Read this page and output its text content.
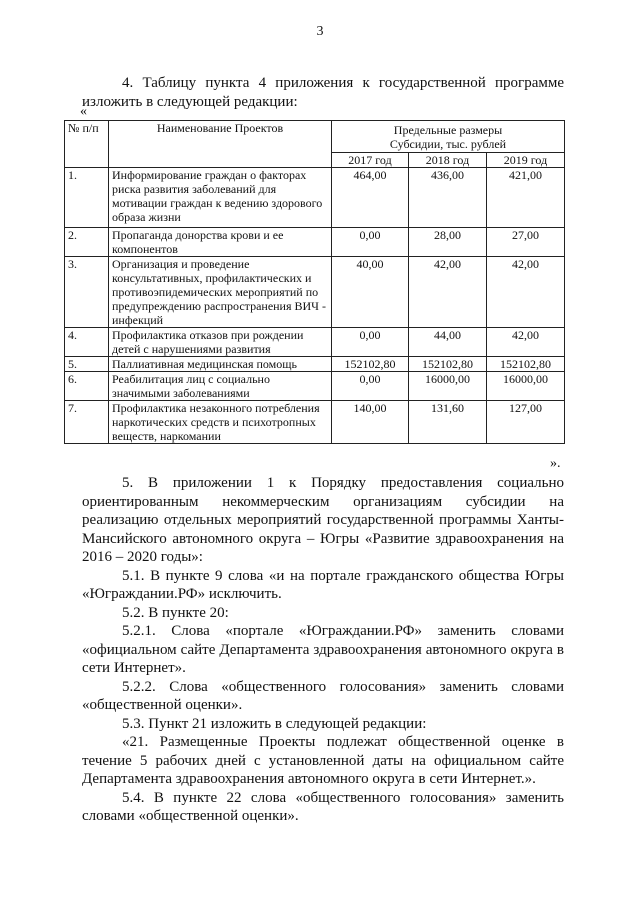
3
4. Таблицу пункта 4 приложения к государственной программе изложить в следующей редакции:
«
№ п/п	Наименование Проектов	Предельные размеры Субсидии, тыс. рублей		
		2017 год	2018 год	2019 год
1.	Информирование граждан о факторах риска развития заболеваний для мотивации граждан к ведению здорового образа жизни	464,00	436,00	421,00
2.	Пропаганда донорства крови и ее компонентов	0,00	28,00	27,00
3.	Организация и проведение консультативных, профилактических и противоэпидемических мероприятий по предупреждению распространения ВИЧ - инфекций	40,00	42,00	42,00
4.	Профилактика отказов при рождении детей с нарушениями развития	0,00	44,00	42,00
5.	Паллиативная медицинская помощь	152102,80	152102,80	152102,80
6.	Реабилитация лиц с социально значимыми заболеваниями	0,00	16000,00	16000,00
7.	Профилактика незаконного потребления наркотических средств и психотропных веществ, наркомании	140,00	131,60	127,00
».

5. В приложении 1 к Порядку предоставления социально ориентированным некоммерческим организациям субсидии на реализацию отдельных мероприятий государственной программы Ханты-Мансийского автономного округа – Югры «Развитие здравоохранения на 2016 – 2020 годы»:

5.1. В пункте 9 слова «и на портале гражданского общества Югры «Юграждании.РФ» исключить.

5.2. В пункте 20:

5.2.1. Слова «портале «Юграждании.РФ» заменить словами «официальном сайте Департамента здравоохранения автономного округа в сети Интернет».

5.2.2. Слова «общественного голосования» заменить словами «общественной оценки».

5.3. Пункт 21 изложить в следующей редакции:

«21. Размещенные Проекты подлежат общественной оценке в течение 5 рабочих дней с установленной даты на официальном сайте Департамента здравоохранения автономного округа в сети Интернет.».

5.4. В пункте 22 слова «общественного голосования» заменить словами «общественной оценки».
